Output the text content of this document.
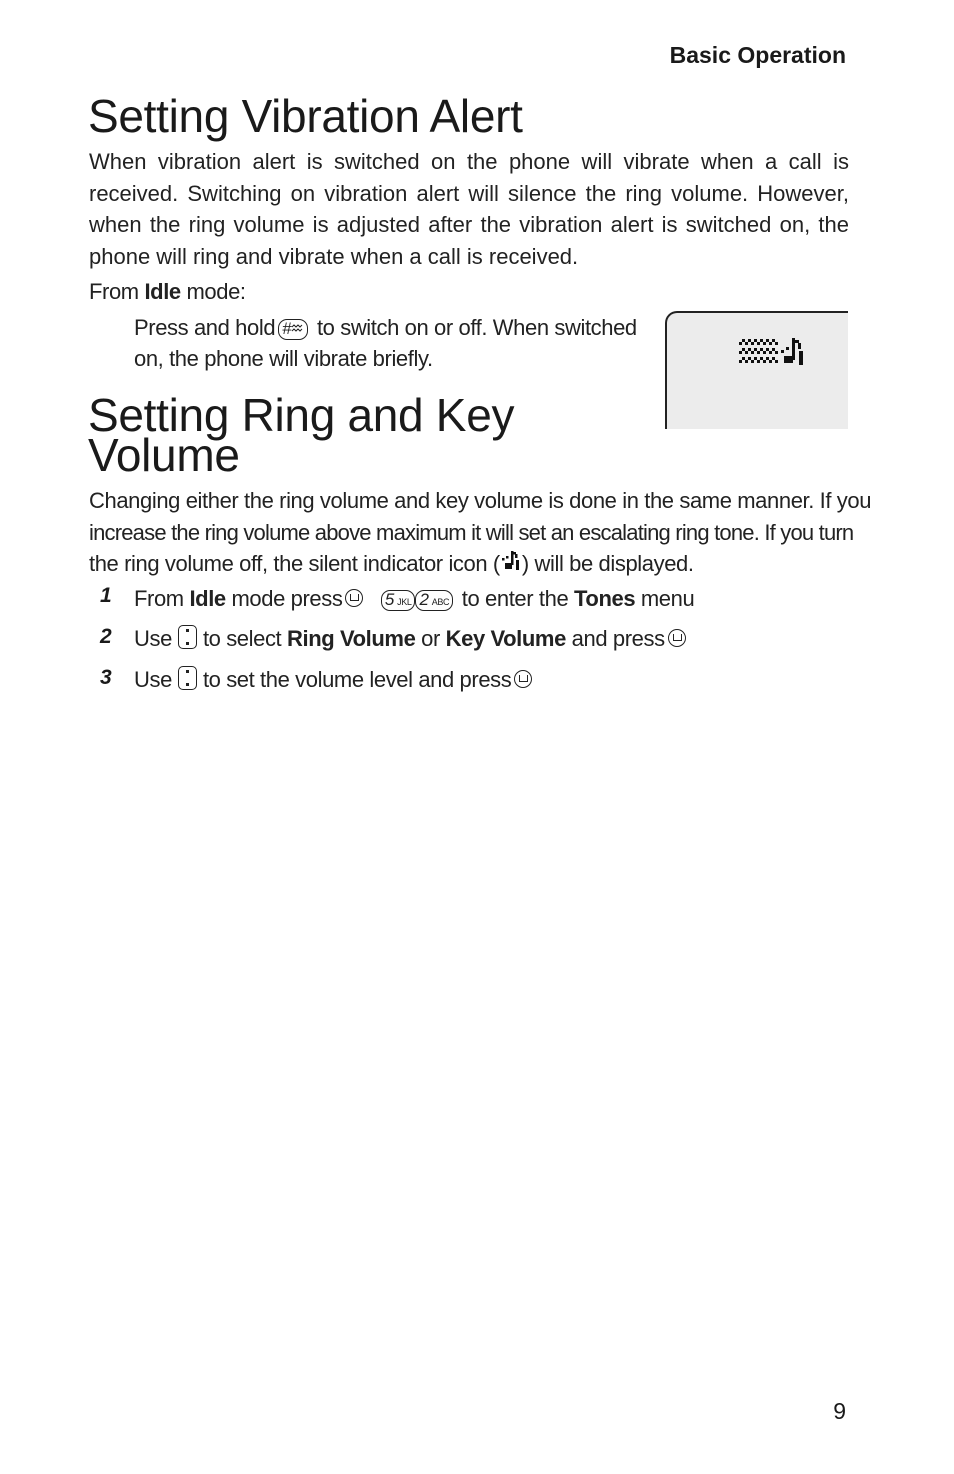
Basic Operation
Setting Vibration Alert

When vibration alert is switched on the phone will vibrate when a call is received. Switching on vibration alert will silence the ring volume. However, when the ring volume is adjusted after the vibration alert is switched on, the phone will ring and vibrate when a call is received.

From Idle mode:
Press and hold # to switch on or off. When switched
on, the phone will vibrate briefly.
Setting Ring and Key
Volume
Changing either the ring volume and key volume is done in the same manner. If you
increase the ring volume above maximum it will set an escalating ring tone. If you turn
the ring volume off, the silent indicator icon ( ) will be displayed.
1 From Idle mode press 5 JKL 2 ABC to enter the Tones menu
2 Use to select Ring Volume or Key Volume and press
3 Use to set the volume level and press
9
